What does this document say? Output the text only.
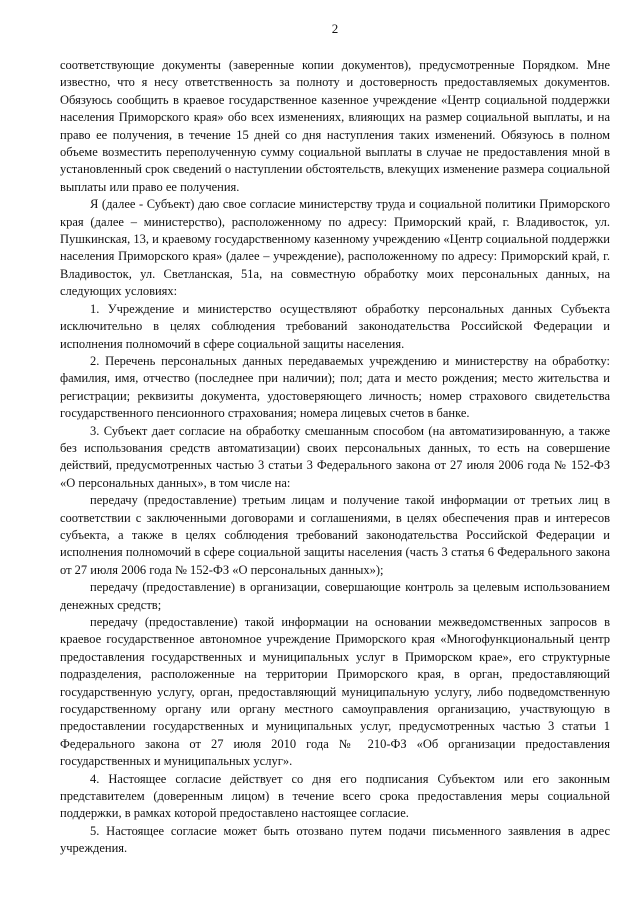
2

соответствующие документы (заверенные копии документов), предусмотренные Порядком. Мне известно, что я несу ответственность за полноту и достоверность предоставляемых документов. Обязуюсь сообщить в краевое государственное казенное учреждение «Центр социальной поддержки населения Приморского края» обо всех изменениях, влияющих на размер социальной выплаты, и на право ее получения, в течение 15 дней со дня наступления таких изменений. Обязуюсь в полном объеме возместить переполученную сумму социальной выплаты в случае не предоставления мной в установленный срок сведений о наступлении обстоятельств, влекущих изменение размера социальной выплаты или право ее получения.

Я (далее - Субъект) даю свое согласие министерству труда и социальной политики Приморского края (далее – министерство), расположенному по адресу: Приморский край, г. Владивосток, ул. Пушкинская, 13, и краевому государственному казенному учреждению «Центр социальной поддержки населения Приморского края» (далее – учреждение), расположенному по адресу: Приморский край, г. Владивосток, ул. Светланская, 51а, на совместную обработку моих персональных данных, на следующих условиях:

1. Учреждение и министерство осуществляют обработку персональных данных Субъекта исключительно в целях соблюдения требований законодательства Российской Федерации и исполнения полномочий в сфере социальной защиты населения.

2. Перечень персональных данных передаваемых учреждению и министерству на обработку: фамилия, имя, отчество (последнее при наличии); пол; дата и место рождения; место жительства и регистрации; реквизиты документа, удостоверяющего личность; номер страхового свидетельства государственного пенсионного страхования; номера лицевых счетов в банке.

3. Субъект дает согласие на обработку смешанным способом (на автоматизированную, а также без использования средств автоматизации) своих персональных данных, то есть на совершение действий, предусмотренных частью 3 статьи 3 Федерального закона от 27 июля 2006 года № 152-ФЗ «О персональных данных», в том числе на:

передачу (предоставление) третьим лицам и получение такой информации от третьих лиц в соответствии с заключенными договорами и соглашениями, в целях обеспечения прав и интересов субъекта, а также в целях соблюдения требований законодательства Российской Федерации и исполнения полномочий в сфере социальной защиты населения (часть 3 статья 6 Федерального закона от 27 июля 2006 года № 152-ФЗ «О персональных данных»);

передачу (предоставление) в организации, совершающие контроль за целевым использованием денежных средств;

передачу (предоставление) такой информации на основании межведомственных запросов в краевое государственное автономное учреждение Приморского края «Многофункциональный центр предоставления государственных и муниципальных услуг в Приморском крае», его структурные подразделения, расположенные на территории Приморского края, в орган, предоставляющий государственную услугу, орган, предоставляющий муниципальную услугу, либо подведомственную государственному органу или органу местного самоуправления организацию, участвующую в предоставлении государственных и муниципальных услуг, предусмотренных частью 3 статьи 1 Федерального закона от 27 июля 2010 года № 210-ФЗ «Об организации предоставления государственных и муниципальных услуг».

4. Настоящее согласие действует со дня его подписания Субъектом или его законным представителем (доверенным лицом) в течение всего срока предоставления меры социальной поддержки, в рамках которой предоставлено настоящее согласие.

5. Настоящее согласие может быть отозвано путем подачи письменного заявления в адрес учреждения.
